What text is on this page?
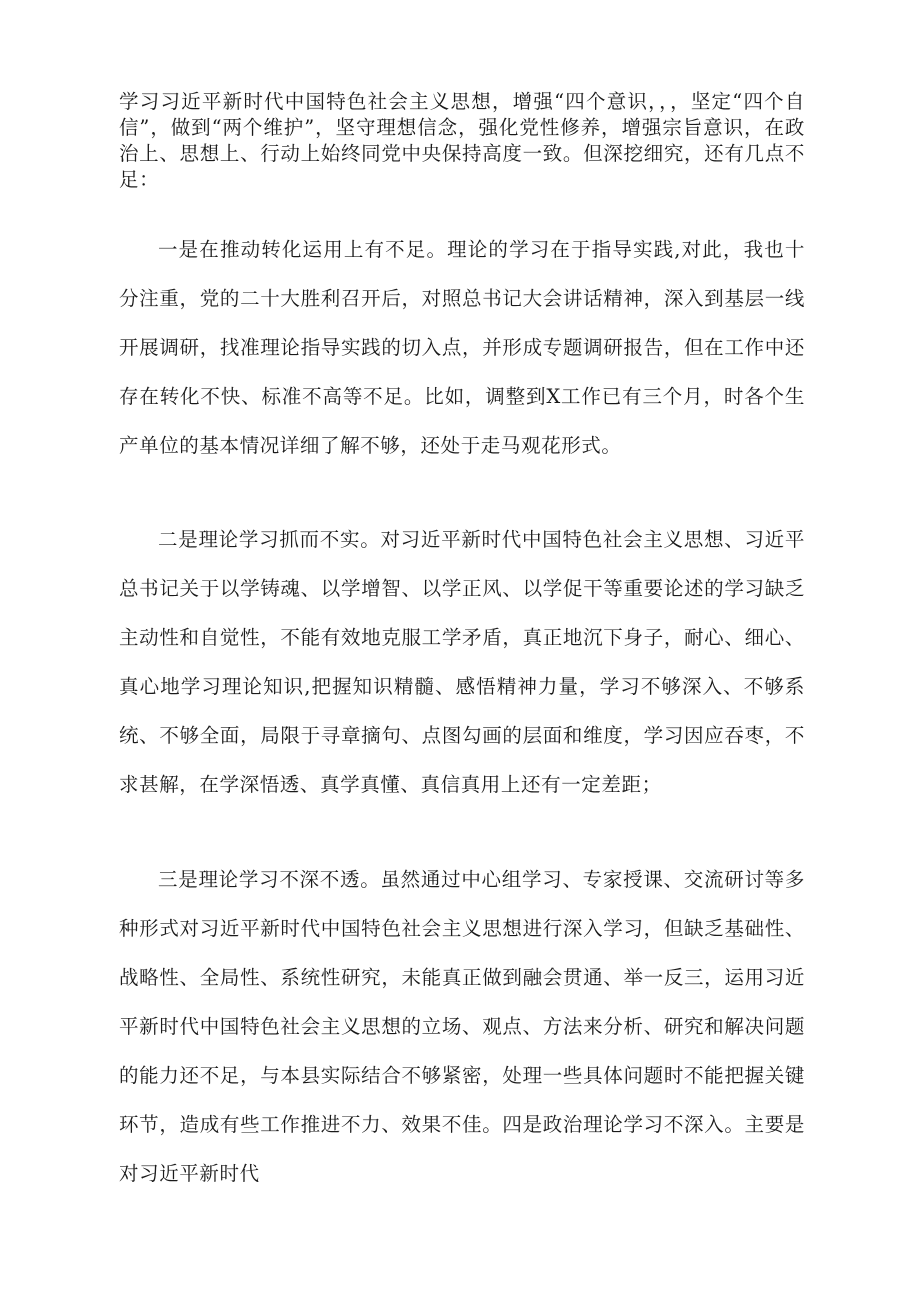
学习习近平新时代中国特色社会主义思想，增强“四个意识，，，坚定“四个自信”，做到“两个维护”，坚守理想信念，强化党性修养，增强宗旨意识，在政治上、思想上、行动上始终同党中央保持高度一致。但深挖细究，还有几点不足：

一是在推动转化运用上有不足。理论的学习在于指导实践,对此，我也十分注重，党的二十大胜利召开后，对照总书记大会讲话精神，深入到基层一线开展调研，找准理论指导实践的切入点，并形成专题调研报告，但在工作中还存在转化不快、标准不高等不足。比如，调整到X工作已有三个月，时各个生产单位的基本情况详细了解不够，还处于走马观花形式。

二是理论学习抓而不实。对习近平新时代中国特色社会主义思想、习近平总书记关于以学铸魂、以学增智、以学正风、以学促干等重要论述的学习缺乏主动性和自觉性，不能有效地克服工学矛盾，真正地沉下身子，耐心、细心、真心地学习理论知识,把握知识精髓、感悟精神力量，学习不够深入、不够系统、不够全面，局限于寻章摘句、点图勾画的层面和维度，学习因应吞枣，不求甚解，在学深悟透、真学真懂、真信真用上还有一定差距；

三是理论学习不深不透。虽然通过中心组学习、专家授课、交流研讨等多种形式对习近平新时代中国特色社会主义思想进行深入学习，但缺乏基础性、战略性、全局性、系统性研究，未能真正做到融会贯通、举一反三，运用习近平新时代中国特色社会主义思想的立场、观点、方法来分析、研究和解决问题的能力还不足，与本县实际结合不够紧密，处理一些具体问题时不能把握关键环节，造成有些工作推进不力、效果不佳。四是政治理论学习不深入。主要是对习近平新时代
